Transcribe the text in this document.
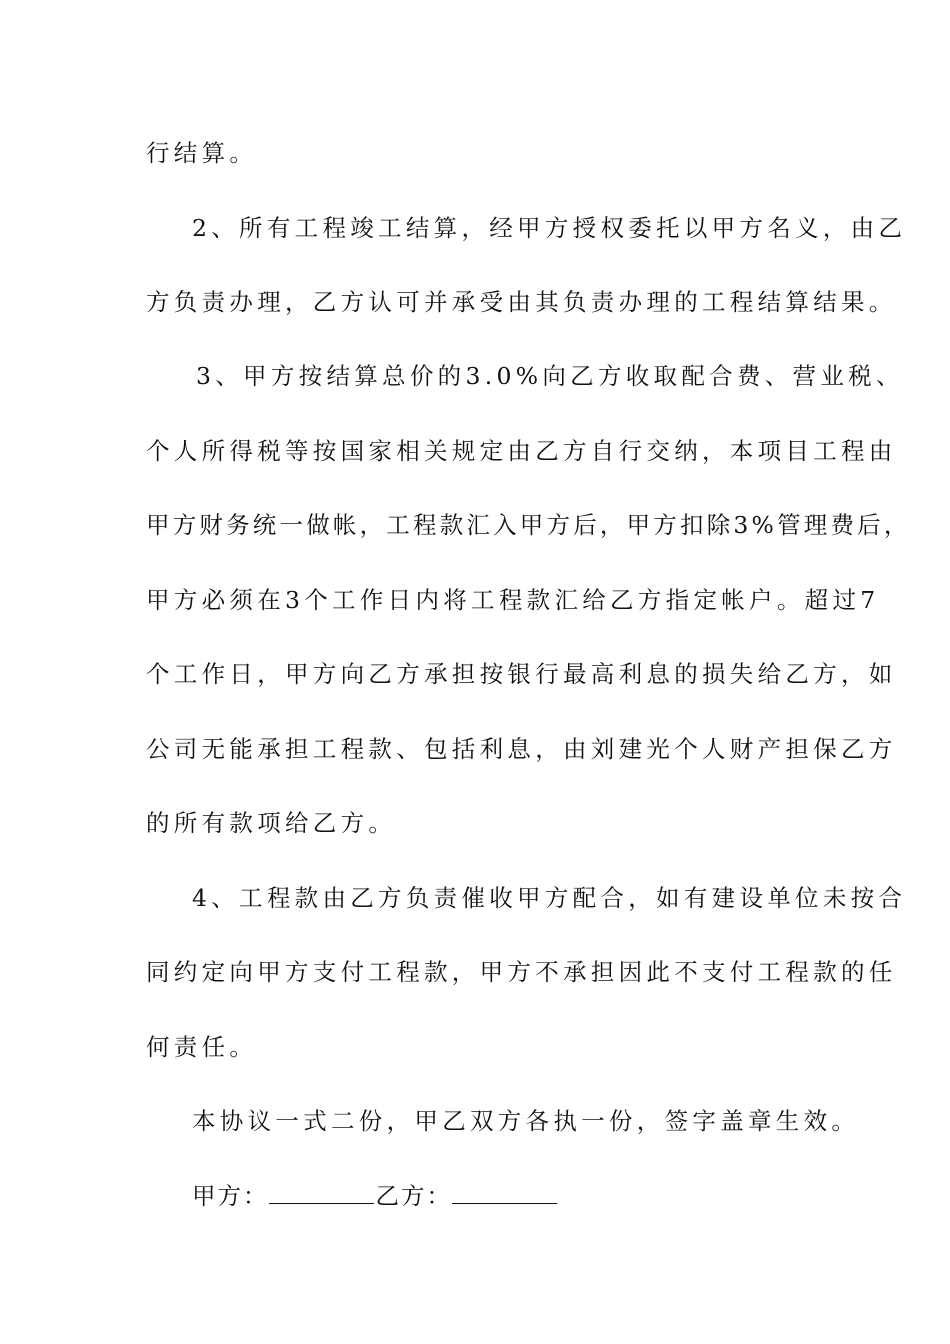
行结算。
2、所有工程竣工结算，经甲方授权委托以甲方名义，由乙
方负责办理，乙方认可并承受由其负责办理的工程结算结果。
3、甲方按结算总价的3.0%向乙方收取配合费、营业税、
个人所得税等按国家相关规定由乙方自行交纳，本项目工程由
甲方财务统一做帐，工程款汇入甲方后，甲方扣除3%管理费后，
甲方必须在3个工作日内将工程款汇给乙方指定帐户。超过7
个工作日，甲方向乙方承担按银行最高利息的损失给乙方，如
公司无能承担工程款、包括利息，由刘建光个人财产担保乙方
的所有款项给乙方。
4、工程款由乙方负责催收甲方配合，如有建设单位未按合
同约定向甲方支付工程款，甲方不承担因此不支付工程款的任
何责任。
本协议一式二份，甲乙双方各执一份，签字盖章生效。
甲方：	乙方：
